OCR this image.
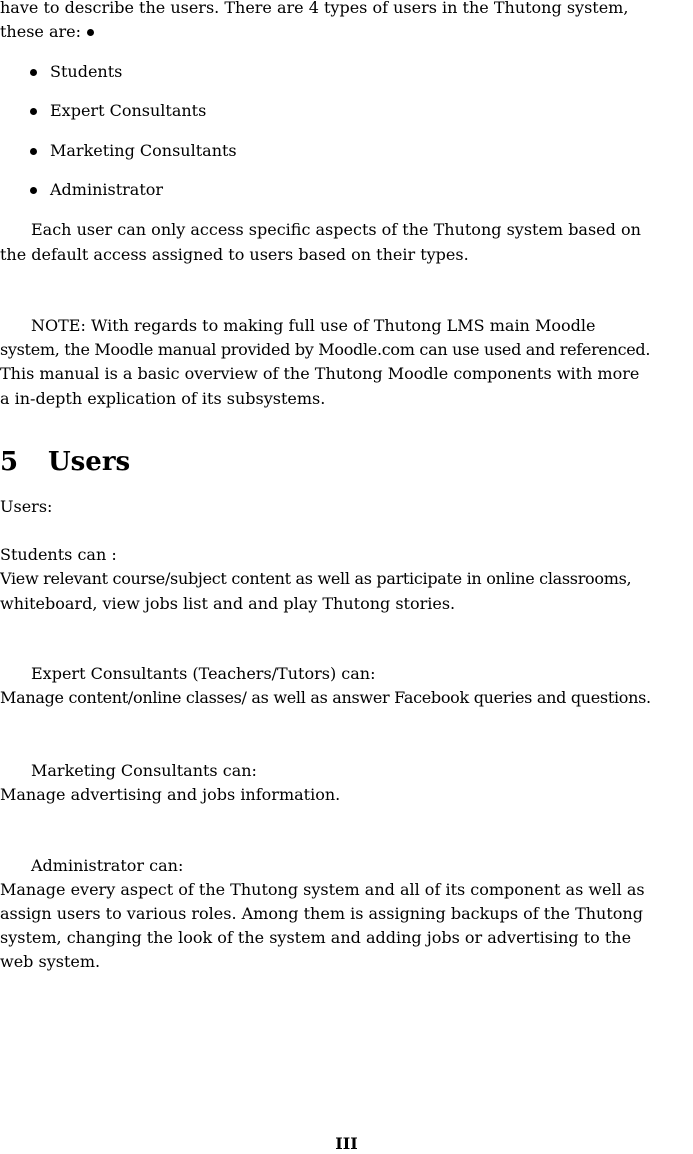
have to describe the users. There are 4 types of users in the Thutong system,
these are:
Students
Expert Consultants
Marketing Consultants
Administrator
Each user can only access specific aspects of the Thutong system based on
the default access assigned to users based on their types.
NOTE: With regards to making full use of Thutong LMS main Moodle
system, the Moodle manual provided by Moodle.com can use used and referenced.
This manual is a basic overview of the Thutong Moodle components with more
a in-depth explication of its subsystems.
5 Users
Users:
Students can :
View relevant course/subject content as well as participate in online classrooms,
whiteboard, view jobs list and and play Thutong stories.
Expert Consultants (Teachers/Tutors) can:
Manage content/online classes/ as well as answer Facebook queries and questions.
Marketing Consultants can:
Manage advertising and jobs information.
Administrator can:
Manage every aspect of the Thutong system and all of its component as well as
assign users to various roles. Among them is assigning backups of the Thutong
system, changing the look of the system and adding jobs or advertising to the
web system.
III
